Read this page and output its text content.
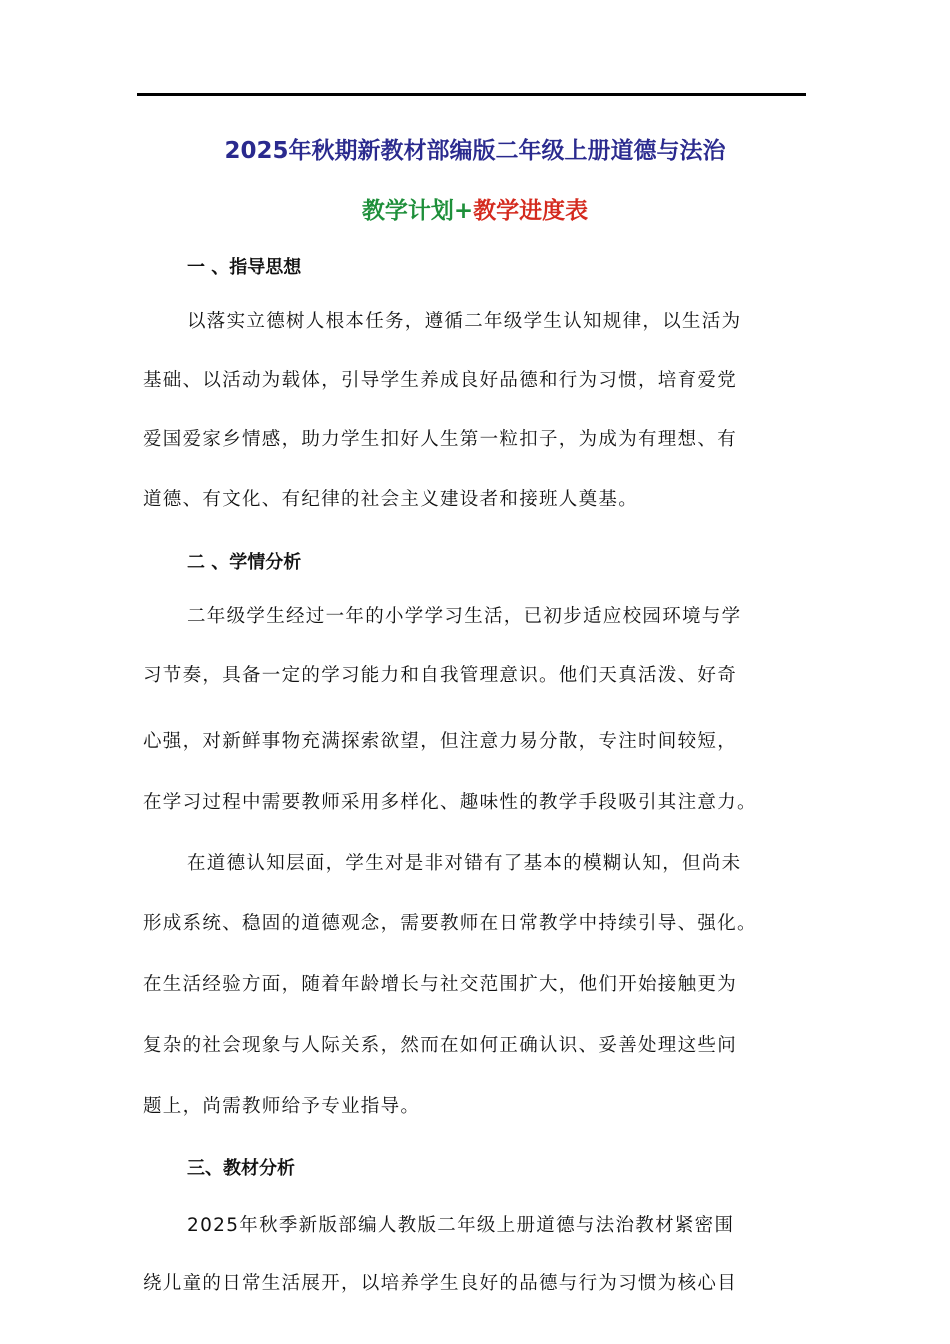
2025年秋期新教材部编版二年级上册道德与法治
教学计划+教学进度表
一 、指导思想
以落实立德树人根本任务，遵循二年级学生认知规律，以生活为
基础、以活动为载体，引导学生养成良好品德和行为习惯，培育爱党
爱国爱家乡情感，助力学生扣好人生第一粒扣子，为成为有理想、有
道德、有文化、有纪律的社会主义建设者和接班人奠基。
二 、学情分析
二年级学生经过一年的小学学习生活，已初步适应校园环境与学
习节奏，具备一定的学习能力和自我管理意识。他们天真活泼、好奇
心强，对新鲜事物充满探索欲望，但注意力易分散，专注时间较短，
在学习过程中需要教师采用多样化、趣味性的教学手段吸引其注意力。
在道德认知层面，学生对是非对错有了基本的模糊认知，但尚未
形成系统、稳固的道德观念，需要教师在日常教学中持续引导、强化。
在生活经验方面，随着年龄增长与社交范围扩大，他们开始接触更为
复杂的社会现象与人际关系，然而在如何正确认识、妥善处理这些问
题上，尚需教师给予专业指导。
三、教材分析
2025年秋季新版部编人教版二年级上册道德与法治教材紧密围
绕儿童的日常生活展开，以培养学生良好的品德与行为习惯为核心目
